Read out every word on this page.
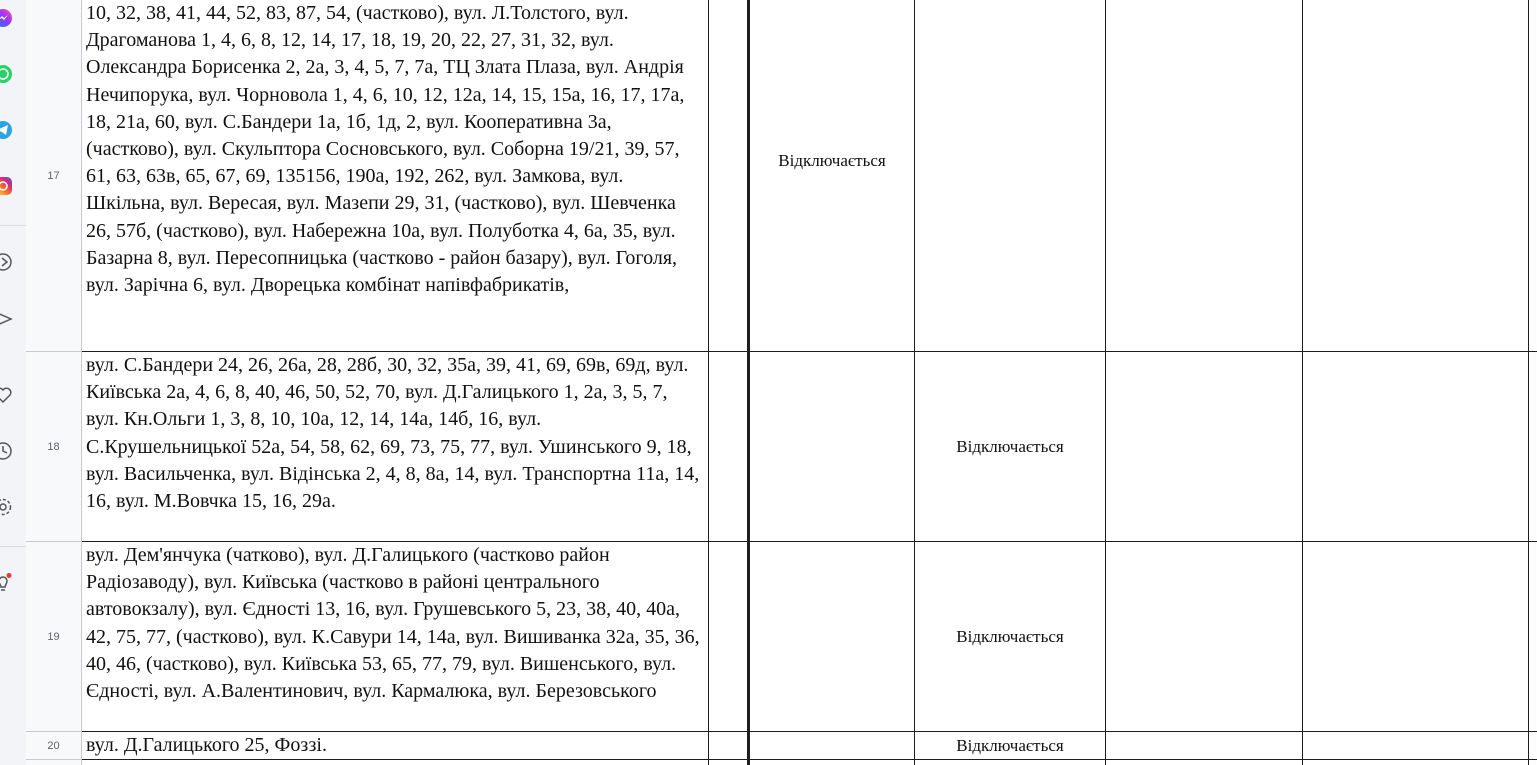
17
10, 32, 38, 41, 44, 52, 83, 87, 54, (частково), вул. Л.Толстого, вул. Драгоманова 1, 4, 6, 8, 12, 14, 17, 18, 19, 20, 22, 27, 31, 32, вул. Олександра Борисенка 2, 2а, 3, 4, 5, 7, 7а, ТЦ Злата Плаза, вул. Андрія Нечипорука, вул. Чорновола 1, 4, 6, 10, 12, 12а, 14, 15, 15а, 16, 17, 17а, 18, 21а, 60, вул. С.Бандери 1а, 1б, 1д, 2, вул. Кооперативна 3а, (частково), вул. Скульптора Сосновського, вул. Соборна 19/21, 39, 57, 61, 63, 63в, 65, 67, 69, 135156, 190а, 192, 262, вул. Замкова, вул. Шкільна, вул. Вересая, вул. Мазепи 29, 31, (частково), вул. Шевченка 26, 57б, (частково), вул. Набережна 10а, вул. Полуботка 4, 6а, 35, вул. Базарна 8, вул. Пересопницька (частково - район базару), вул. Гоголя, вул. Зарічна 6, вул. Дворецька комбінат напівфабрикатів,
Відключається
18
вул. С.Бандери 24, 26, 26а, 28, 28б, 30, 32, 35а, 39, 41, 69, 69в, 69д, вул. Київська 2а, 4, 6, 8, 40, 46, 50, 52, 70, вул. Д.Галицького 1, 2а, 3, 5, 7, вул. Кн.Ольги 1, 3, 8, 10, 10а, 12, 14, 14а, 14б, 16, вул. С.Крушельницької 52а, 54, 58, 62, 69, 73, 75, 77, вул. Ушинського 9, 18, вул. Васильченка, вул. Відінська 2, 4, 8, 8а, 14, вул. Транспортна 11а, 14, 16, вул. М.Вовчка 15, 16, 29а.
Відключається
19
вул. Дем'янчука (чатково), вул. Д.Галицького (частково район Радіозаводу), вул. Київська (частково в районі центрального автовокзалу), вул. Єдності 13, 16, вул. Грушевського 5, 23, 38, 40, 40а, 42, 75, 77, (частково), вул. К.Савури 14, 14а, вул. Вишиванка 32а, 35, 36, 40, 46, (частково), вул. Київська 53, 65, 77, 79, вул. Вишенського, вул. Єдності, вул. А.Валентинович, вул. Кармалюка, вул. Березовського
Відключається
20	вул. Д.Галицького 25, Фоззі.	Відключається
